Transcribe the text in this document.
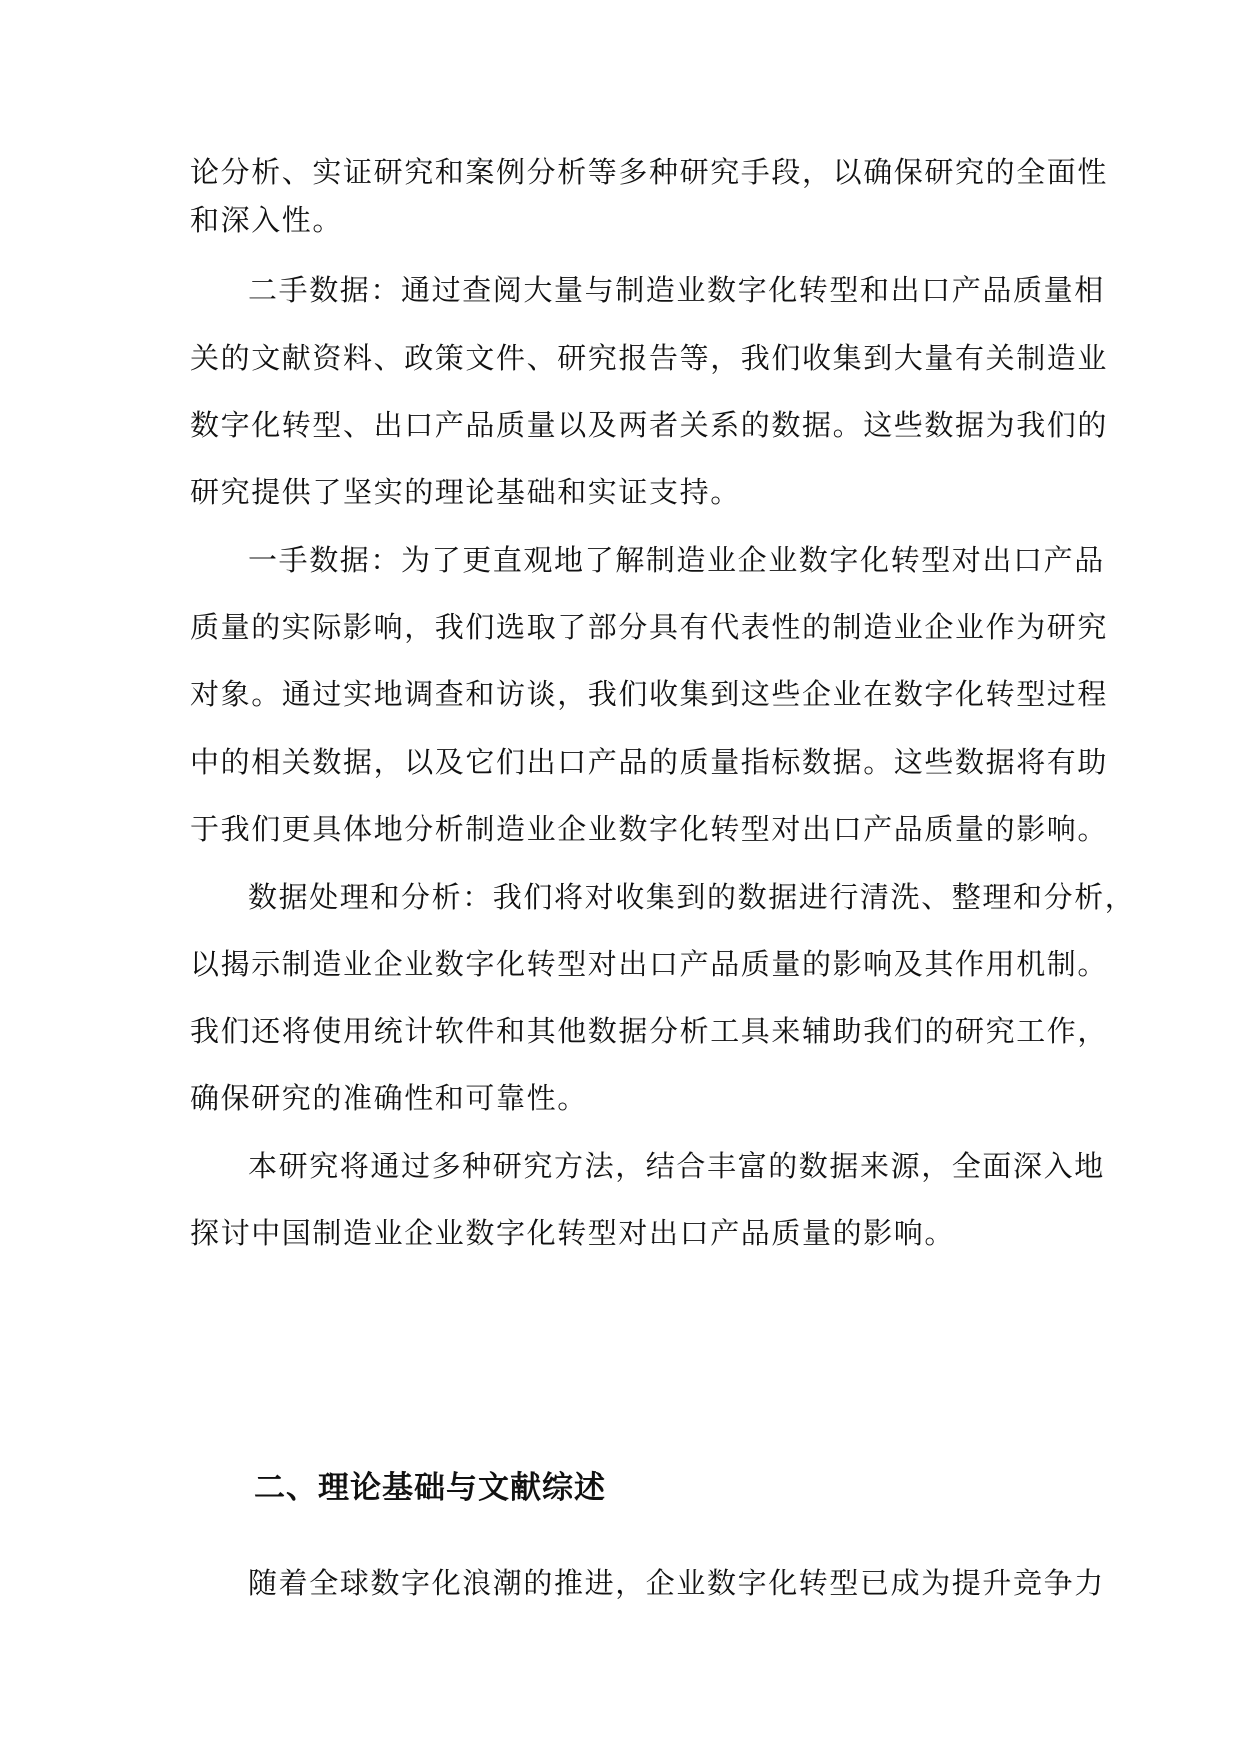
论分析、实证研究和案例分析等多种研究手段，以确保研究的全面性
和深入性。
二手数据：通过查阅大量与制造业数字化转型和出口产品质量相
关的文献资料、政策文件、研究报告等，我们收集到大量有关制造业
数字化转型、出口产品质量以及两者关系的数据。这些数据为我们的
研究提供了坚实的理论基础和实证支持。
一手数据：为了更直观地了解制造业企业数字化转型对出口产品
质量的实际影响，我们选取了部分具有代表性的制造业企业作为研究
对象。通过实地调查和访谈，我们收集到这些企业在数字化转型过程
中的相关数据，以及它们出口产品的质量指标数据。这些数据将有助
于我们更具体地分析制造业企业数字化转型对出口产品质量的影响。
数据处理和分析：我们将对收集到的数据进行清洗、整理和分析，
以揭示制造业企业数字化转型对出口产品质量的影响及其作用机制。
我们还将使用统计软件和其他数据分析工具来辅助我们的研究工作，
确保研究的准确性和可靠性。
本研究将通过多种研究方法，结合丰富的数据来源，全面深入地
探讨中国制造业企业数字化转型对出口产品质量的影响。
二、理论基础与文献综述
随着全球数字化浪潮的推进，企业数字化转型已成为提升竞争力
